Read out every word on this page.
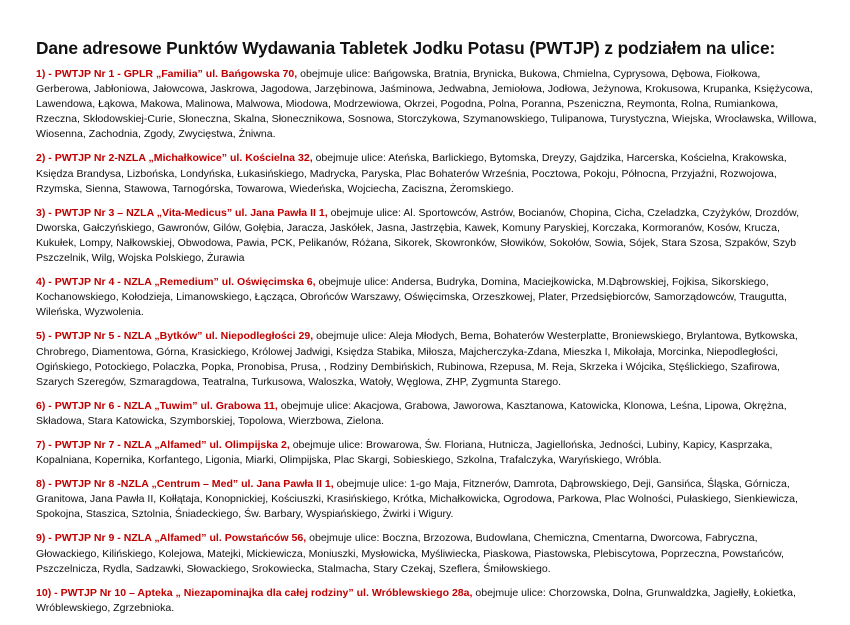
Dane adresowe Punktów Wydawania Tabletek Jodku Potasu (PWTJP) z podziałem na ulice:

1) - PWTJP Nr 1 - GPLR „Familia” ul. Bańgowska 70, obejmuje ulice: Bańgowska, Bratnia, Brynicka, Bukowa, Chmielna, Cyprysowa, Dębowa, Fiołkowa, Gerberowa, Jabłoniowa, Jałowcowa, Jaskrowa, Jagodowa, Jarzębinowa, Jaśminowa, Jedwabna, Jemiołowa, Jodłowa, Jeżynowa, Krokusowa, Krupanka, Księżycowa, Lawendowa, Łąkowa, Makowa, Malinowa, Malwowa, Miodowa, Modrzewiowa, Okrzei, Pogodna, Polna, Poranna, Pszeniczna, Reymonta, Rolna, Rumiankowa, Rzeczna, Skłodowskiej-Curie, Słoneczna, Skalna, Słonecznikowa, Sosnowa, Storczykowa, Szymanowskiego, Tulipanowa, Turystyczna, Wiejska, Wrocławska, Willowa, Wiosenna, Zachodnia, Zgody, Zwycięstwa, Żniwna.

2) - PWTJP Nr 2-NZLA „Michałkowice” ul. Kościelna 32, obejmuje ulice: Ateńska, Barlickiego, Bytomska, Dreyzy, Gajdzika, Harcerska, Kościelna, Krakowska, Księdza Brandysa, Lizbońska, Londyńska, Łukasińskiego, Madrycka, Paryska, Plac Bohaterów Września, Pocztowa, Pokoju, Północna, Przyjaźni, Rozwojowa, Rzymska, Sienna, Stawowa, Tarnogórska, Towarowa, Wiedeńska, Wojciecha, Zaciszna, Żeromskiego.

3) - PWTJP Nr 3 – NZLA „Vita-Medicus” ul. Jana Pawła II 1, obejmuje ulice: Al. Sportowców, Astrów, Bocianów, Chopina, Cicha, Czeladzka, Czyżyków, Drozdów, Dworska, Gałczyńskiego, Gawronów, Gilów, Gołębia, Jaracza, Jaskółek, Jasna, Jastrzębia, Kawek, Komuny Paryskiej, Korczaka, Kormoranów, Kosów, Krucza, Kukułek, Lompy, Nałkowskiej, Obwodowa, Pawia, PCK, Pelikanów, Różana, Sikorek, Skowronków, Słowików, Sokołów, Sowia, Sójek, Stara Szosa, Szpaków, Szyb Pszczelnik, Wilg, Wojska Polskiego, Żurawia

4) - PWTJP Nr 4 - NZLA „Remedium” ul. Oświęcimska 6, obejmuje ulice: Andersa, Budryka, Domina, Maciejkowicka, M.Dąbrowskiej, Fojkisa, Sikorskiego, Kochanowskiego, Kołodzieja, Limanowskiego, Łącząca, Obrońców Warszawy, Oświęcimska, Orzeszkowej, Plater, Przedsiębiorców, Samorządowców, Traugutta, Wileńska, Wyzwolenia.

5) - PWTJP Nr 5 - NZLA „Bytków” ul. Niepodległości 29, obejmuje ulice: Aleja Młodych, Bema, Bohaterów Westerplatte, Broniewskiego, Brylantowa, Bytkowska, Chrobrego, Diamentowa, Górna, Krasickiego, Królowej Jadwigi, Księdza Stabika, Miłosza, Majcherczyka-Zdana, Mieszka I, Mikołaja, Morcinka, Niepodległości, Ogińskiego, Potockiego, Polaczka, Popka, Pronobisa, Prusa, , Rodziny Dembińskich, Rubinowa, Rzepusa, M. Reja, Skrzeka i Wójcika, Stęślickiego, Szafirowa, Szarych Szeregów, Szmaragdowa, Teatralna, Turkusowa, Waloszka, Watoły, Węglowa, ZHP, Zygmunta Starego.

6) - PWTJP Nr 6 - NZLA „Tuwim” ul. Grabowa 11, obejmuje ulice: Akacjowa, Grabowa, Jaworowa, Kasztanowa, Katowicka, Klonowa, Leśna, Lipowa, Okrężna, Składowa, Stara Katowicka, Szymborskiej, Topolowa, Wierzbowa, Zielona.

7) - PWTJP Nr 7 - NZLA „Alfamed” ul. Olimpijska 2, obejmuje ulice: Browarowa, Św. Floriana, Hutnicza, Jagiellońska, Jedności, Lubiny, Kapicy, Kasprzaka, Kopalniana, Kopernika, Korfantego, Ligonia, Miarki, Olimpijska, Plac Skargi, Sobieskiego, Szkolna, Trafalczyka, Waryńskiego, Wróbla.

8) - PWTJP Nr 8 -NZLA „Centrum – Med” ul. Jana Pawła II 1, obejmuje ulice: 1-go Maja, Fitznerów, Damrota, Dąbrowskiego, Deji, Gansińca, Śląska, Górnicza, Granitowa, Jana Pawła II, Kołłątaja, Konopnickiej, Kościuszki, Krasińskiego, Krótka, Michałkowicka, Ogrodowa, Parkowa, Plac Wolności, Pułaskiego, Sienkiewicza, Spokojna, Staszica, Sztolnia, Śniadeckiego, Św. Barbary, Wyspiańskiego, Żwirki i Wigury.

9) - PWTJP Nr 9 - NZLA „Alfamed” ul. Powstańców 56, obejmuje ulice: Boczna, Brzozowa, Budowlana, Chemiczna, Cmentarna, Dworcowa, Fabryczna, Głowackiego, Kilińskiego, Kolejowa, Matejki, Mickiewicza, Moniuszki, Mysłowicka, Myśliwiecka, Piaskowa, Piastowska, Plebiscytowa, Poprzeczna, Powstańców, Pszczelnicza, Rydla, Sadzawki, Słowackiego, Srokowiecka, Stalmacha, Stary Czekaj, Szeflera, Śmiłowskiego.

10) - PWTJP Nr 10 – Apteka „ Niezapominajka dla całej rodziny” ul. Wróblewskiego 28a, obejmuje ulice: Chorzowska, Dolna, Grunwaldzka, Jagiełły, Łokietka, Wróblewskiego, Zgrzebnioka.
